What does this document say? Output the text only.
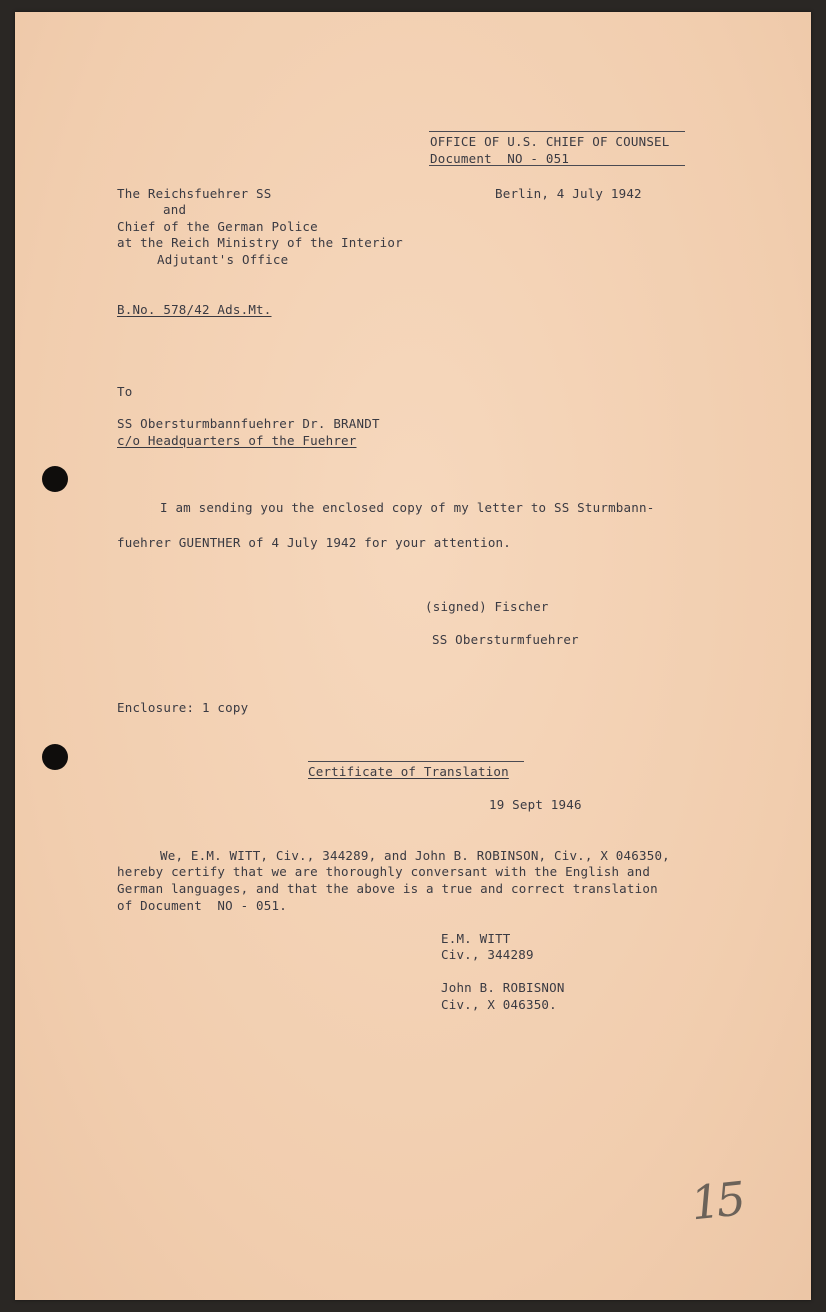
OFFICE OF U.S. CHIEF OF COUNSEL
Document  NO - 051
The Reichsfuehrer SS
and
Chief of the German Police
at the Reich Ministry of the Interior
Adjutant's Office
Berlin, 4 July 1942
B.No. 578/42 Ads.Mt.
To
SS Obersturmbannfuehrer Dr. BRANDT
c/o Headquarters of the Fuehrer
I am sending you the enclosed copy of my letter to SS Sturmbann-
fuehrer GUENTHER of 4 July 1942 for your attention.
(signed) Fischer
SS Obersturmfuehrer
Enclosure: 1 copy
Certificate of Translation
19 Sept 1946
We, E.M. WITT, Civ., 344289, and John B. ROBINSON, Civ., X 046350,
hereby certify that we are thoroughly conversant with the English and
German languages, and that the above is a true and correct translation
of Document  NO - 051.
E.M. WITT
Civ., 344289
John B. ROBISNON
Civ., X 046350.
15
